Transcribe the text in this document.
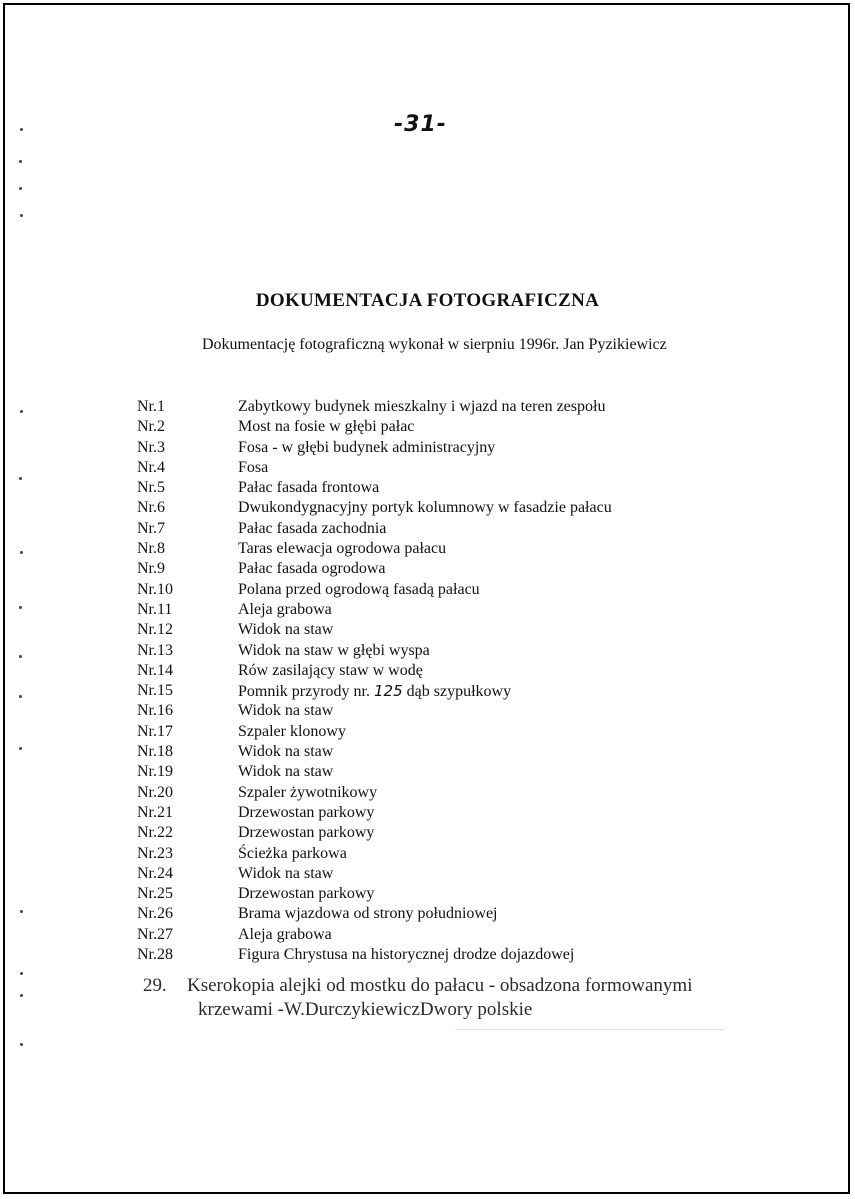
-31-
DOKUMENTACJA FOTOGRAFICZNA
Dokumentację fotograficzną wykonał w sierpniu 1996r. Jan Pyzikiewicz
Nr.1	Zabytkowy budynek mieszkalny i wjazd na teren zespołu
Nr.2	Most na fosie w głębi pałac
Nr.3	Fosa - w głębi budynek administracyjny
Nr.4	Fosa
Nr.5	Pałac fasada frontowa
Nr.6	Dwukondygnacyjny portyk kolumnowy w fasadzie pałacu
Nr.7	Pałac fasada zachodnia
Nr.8	Taras elewacja ogrodowa pałacu
Nr.9	Pałac fasada ogrodowa
Nr.10	Polana przed ogrodową fasadą pałacu
Nr.11	Aleja grabowa
Nr.12	Widok na staw
Nr.13	Widok na staw w głębi wyspa
Nr.14	Rów zasilający staw w wodę
Nr.15	Pomnik przyrody nr. 125 dąb szypułkowy
Nr.16	Widok na staw
Nr.17	Szpaler klonowy
Nr.18	Widok na staw
Nr.19	Widok na staw
Nr.20	Szpaler żywotnikowy
Nr.21	Drzewostan parkowy
Nr.22	Drzewostan parkowy
Nr.23	Ścieżka parkowa
Nr.24	Widok na staw
Nr.25	Drzewostan parkowy
Nr.26	Brama wjazdowa od strony południowej
Nr.27	Aleja grabowa
Nr.28	Figura Chrystusa na historycznej drodze dojazdowej
29. Kserokopia alejki od mostku do pałacu - obsadzona formowanymi
krzewami -W.DurczykiewiczDwory polskie
